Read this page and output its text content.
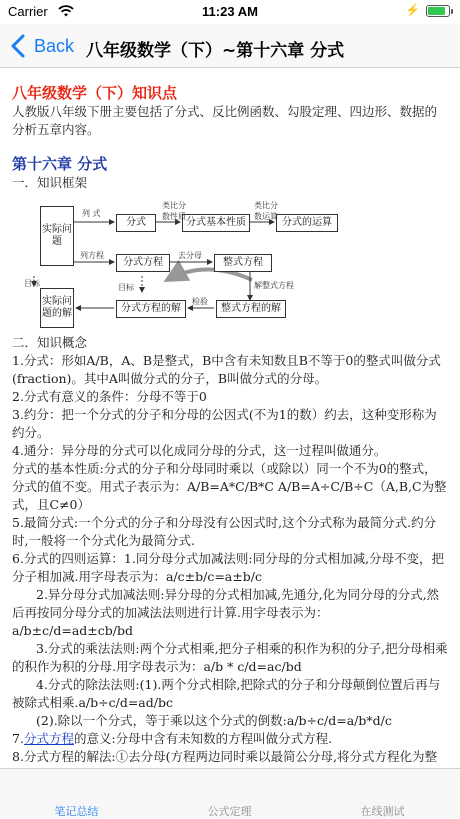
Carrier	11:23 AM	⚡
Back 八年级数学（下）~第十六章 分式
八年级数学（下）知识点
人教版八年级下册主要包括了分式、反比例函数、勾股定理、四边形、数据的分析五章内容。
第十六章 分式
一．知识框架
实际问题
分式	分式基本性质	分式的运算
分式方程	整式方程
实际问题的解	分式方程的解	整式方程的解
列 式
类比分数性质
类比分数运算
列方程	去分母
目标	目标	解整式方程
检验
二．知识概念
1.分式：形如A/B，A、B是整式，B中含有未知数且B不等于0的整式叫做分式(fraction)。其中A叫做分式的分子，B叫做分式的分母。
2.分式有意义的条件：分母不等于0
3.约分：把一个分式的分子和分母的公因式(不为1的数）约去，这种变形称为约分。
4.通分：异分母的分式可以化成同分母的分式，这一过程叫做通分。
分式的基本性质:分式的分子和分母同时乘以（或除以）同一个不为0的整式，分式的值不变。用式子表示为：A/B=A*C/B*C A/B=A÷C/B÷C（A,B,C为整式，且C≠0）
5.最简分式:一个分式的分子和分母没有公因式时,这个分式称为最简分式.约分时,一般将一个分式化为最简分式.
6.分式的四则运算：1.同分母分式加减法则:同分母的分式相加减,分母不变，把分子相加减.用字母表示为：a/c±b/c=a±b/c
2.异分母分式加减法则:异分母的分式相加减,先通分,化为同分母的分式,然后再按同分母分式的加减法法则进行计算.用字母表示为：a/b±c/d=ad±cb/bd
3.分式的乘法法则:两个分式相乘,把分子相乘的积作为积的分子,把分母相乘的积作为积的分母.用字母表示为：a/b * c/d=ac/bd
4.分式的除法法则:(1).两个分式相除,把除式的分子和分母颠倒位置后再与被除式相乘.a/b÷c/d=ad/bc
(2).除以一个分式，等于乘以这个分式的倒数:a/b÷c/d=a/b*d/c
7.分式方程的意义:分母中含有未知数的方程叫做分式方程.
8.分式方程的解法:①去分母(方程两边同时乘以最简公分母,将分式方程化为整
笔记总结	公式定理	在线测试
